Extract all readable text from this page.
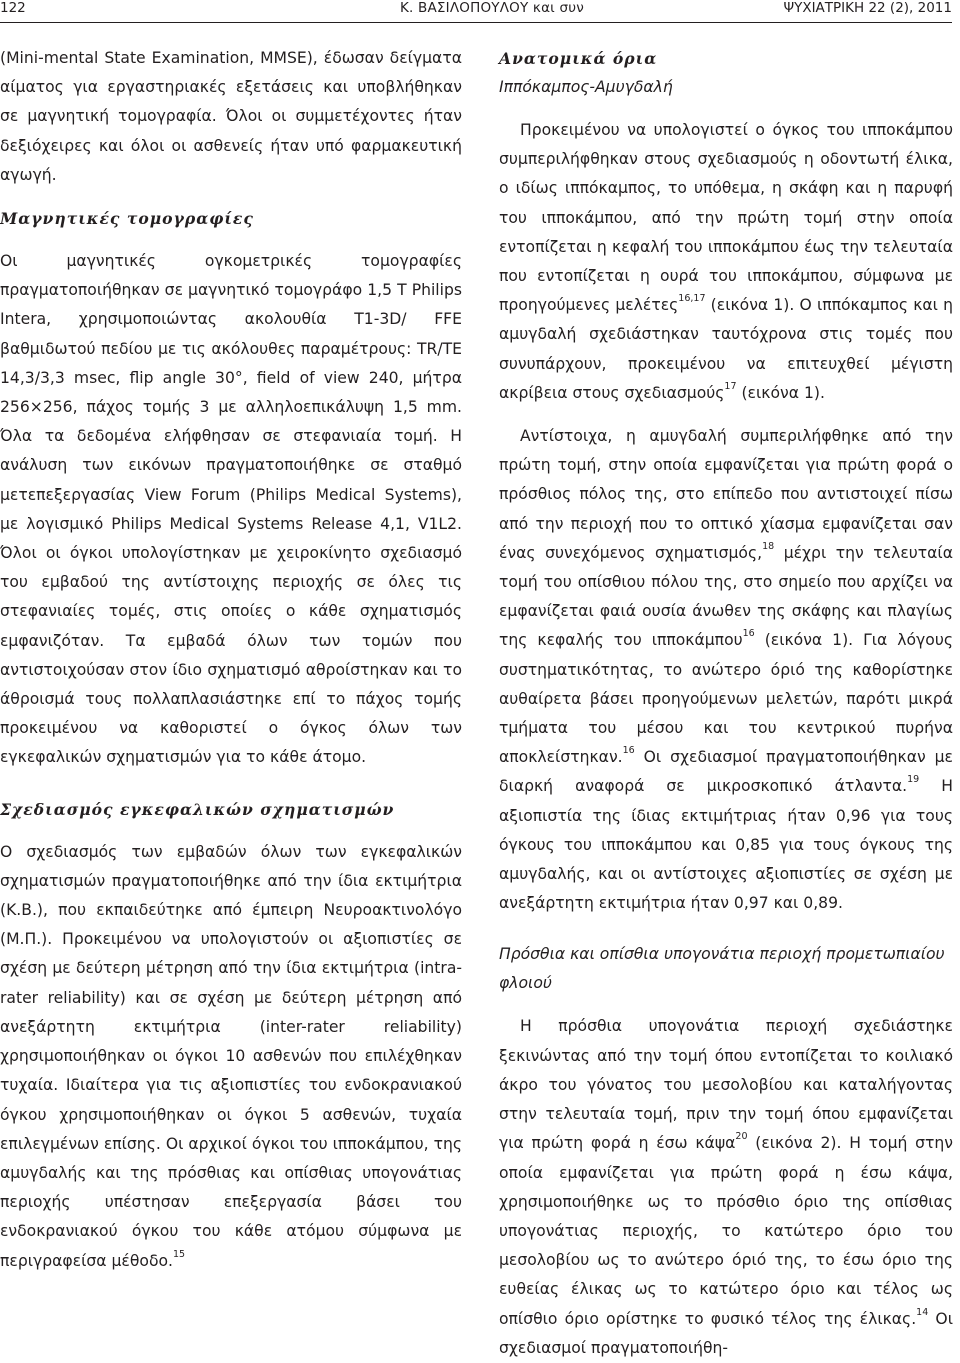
122	Κ. ΒΑΣΙΛΟΠΟΥΛΟΥ και συν	ΨΥΧΙΑΤΡΙΚΗ 22 (2), 2011

(Mini-mental State Examination, MMSE), έδωσαν δείγματα αίματος για εργαστηριακές εξετάσεις και υποβλήθηκαν σε μαγνητική τομογραφία. Όλοι οι συμμετέχοντες ήταν δεξιόχειρες και όλοι οι ασθενείς ήταν υπό φαρμακευτική αγωγή.

Μαγνητικές τομογραφίες

Οι μαγνητικές ογκομετρικές τομογραφίες πραγματοποιήθηκαν σε μαγνητικό τομογράφο 1,5 T Philips Intera, χρησιμοποιώντας ακολουθία T1-3D/ FFE βαθμιδωτού πεδίου με τις ακόλουθες παραμέτρους: TR/TE 14,3/3,3 msec, flip angle 30°, field of view 240, μήτρα 256×256, πάχος τομής 3 με αλληλοεπικάλυψη 1,5 mm. Όλα τα δεδομένα ελήφθησαν σε στεφανιαία τομή. Η ανάλυση των εικόνων πραγματοποιήθηκε σε σταθμό μετεπεξεργασίας View Forum (Philips Medical Systems), με λογισμικό Philips Medical Systems Release 4,1, V1L2. Όλοι οι όγκοι υπολογίστηκαν με χειροκίνητο σχεδιασμό του εμβαδού της αντίστοιχης περιοχής σε όλες τις στεφανιαίες τομές, στις οποίες ο κάθε σχηματισμός εμφανιζόταν. Τα εμβαδά όλων των τομών που αντιστοιχούσαν στον ίδιο σχηματισμό αθροίστηκαν και το άθροισμά τους πολλαπλασιάστηκε επί το πάχος τομής προκειμένου να καθοριστεί ο όγκος όλων των εγκεφαλικών σχηματισμών για το κάθε άτομο.

Σχεδιασμός εγκεφαλικών σχηματισμών

Ο σχεδιασμός των εμβαδών όλων των εγκεφαλικών σχηματισμών πραγματοποιήθηκε από την ίδια εκτιμήτρια (Κ.Β.), που εκπαιδεύτηκε από έμπειρη Νευροακτινολόγο (Μ.Π.). Προκειμένου να υπολογιστούν οι αξιοπιστίες σε σχέση με δεύτερη μέτρηση από την ίδια εκτιμήτρια (intra-rater reliability) και σε σχέση με δεύτερη μέτρηση από ανεξάρτητη εκτιμήτρια (inter-rater reliability) χρησιμοποιήθηκαν οι όγκοι 10 ασθενών που επιλέχθηκαν τυχαία. Ιδιαίτερα για τις αξιοπιστίες του ενδοκρανιακού όγκου χρησιμοποιήθηκαν οι όγκοι 5 ασθενών, τυχαία επιλεγμένων επίσης. Οι αρχικοί όγκοι του ιπποκάμπου, της αμυγδαλής και της πρόσθιας και οπίσθιας υπογονάτιας περιοχής υπέστησαν επεξεργασία βάσει του ενδοκρανιακού όγκου του κάθε ατόμου σύμφωνα με περιγραφείσα μέθοδο.$^{15}$

Ανατομικά όρια
Ιππόκαμπος-Αμυγδαλή

Προκειμένου να υπολογιστεί ο όγκος του ιπποκάμπου συμπεριλήφθηκαν στους σχεδιασμούς η οδοντωτή έλικα, ο ιδίως ιππόκαμπος, το υπόθεμα, η σκάφη και η παρυφή του ιπποκάμπου, από την πρώτη τομή στην οποία εντοπίζεται η κεφαλή του ιπποκάμπου έως την τελευταία που εντοπίζεται η ουρά του ιπποκάμπου, σύμφωνα με προηγούμενες μελέτες$^{16,17}$ (εικόνα 1). Ο ιππόκαμπος και η αμυγδαλή σχεδιάστηκαν ταυτόχρονα στις τομές που συνυπάρχουν, προκειμένου να επιτευχθεί μέγιστη ακρίβεια στους σχεδιασμούς$^{17}$ (εικόνα 1).

Αντίστοιχα, η αμυγδαλή συμπεριλήφθηκε από την πρώτη τομή, στην οποία εμφανίζεται για πρώτη φορά ο πρόσθιος πόλος της, στο επίπεδο που αντιστοιχεί πίσω από την περιοχή που το οπτικό χίασμα εμφανίζεται σαν ένας συνεχόμενος σχηματισμός,$^{18}$ μέχρι την τελευταία τομή του οπίσθιου πόλου της, στο σημείο που αρχίζει να εμφανίζεται φαιά ουσία άνωθεν της σκάφης και πλαγίως της κεφαλής του ιπποκάμπου$^{16}$ (εικόνα 1). Για λόγους συστηματικότητας, το ανώτερο όριό της καθορίστηκε αυθαίρετα βάσει προηγούμενων μελετών, παρότι μικρά τμήματα του μέσου και του κεντρικού πυρήνα αποκλείστηκαν.$^{16}$ Οι σχεδιασμοί πραγματοποιήθηκαν με διαρκή αναφορά σε μικροσκοπικό άτλαντα.$^{19}$ Η αξιοπιστία της ίδιας εκτιμήτριας ήταν 0,96 για τους όγκους του ιπποκάμπου και 0,85 για τους όγκους της αμυγδαλής, και οι αντίστοιχες αξιοπιστίες σε σχέση με ανεξάρτητη εκτιμήτρια ήταν 0,97 και 0,89.

Πρόσθια και οπίσθια υπογονάτια περιοχή προμετωπιαίου φλοιού

Η πρόσθια υπογονάτια περιοχή σχεδιάστηκε ξεκινώντας από την τομή όπου εντοπίζεται το κοιλιακό άκρο του γόνατος του μεσολοβίου και καταλήγοντας στην τελευταία τομή, πριν την τομή όπου εμφανίζεται για πρώτη φορά η έσω κάψα$^{20}$ (εικόνα 2). Η τομή στην οποία εμφανίζεται για πρώτη φορά η έσω κάψα, χρησιμοποιήθηκε ως το πρόσθιο όριο της οπίσθιας υπογονάτιας περιοχής, το κατώτερο όριο του μεσολοβίου ως το ανώτερο όριό της, το έσω όριο της ευθείας έλικας ως το κατώτερο όριο και τέλος ως οπίσθιο όριο ορίστηκε το φυσικό τέλος της έλικας.$^{14}$ Οι σχεδιασμοί πραγματοποιήθη-
